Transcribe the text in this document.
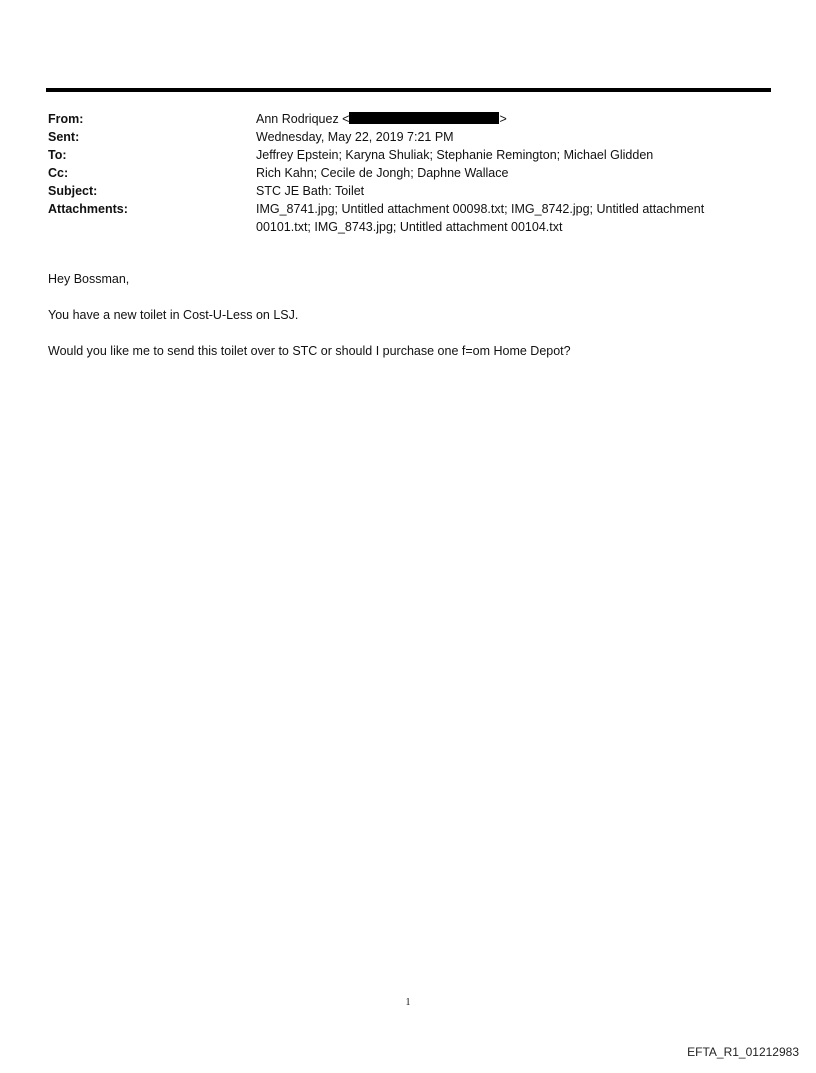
From:	Ann Rodriquez <	>
Sent:	Wednesday, May 22, 2019 7:21 PM
To:	Jeffrey Epstein; Karyna Shuliak; Stephanie Remington; Michael Glidden
Cc:	Rich Kahn; Cecile de Jongh; Daphne Wallace
Subject:	STC JE Bath: Toilet
Attachments:	IMG_8741.jpg; Untitled attachment 00098.txt; IMG_8742.jpg; Untitled attachment
00101.txt; IMG_8743.jpg; Untitled attachment 00104.txt

Hey Bossman,

You have a new toilet in Cost-U-Less on LSJ.

Would you like me to send this toilet over to STC or should I purchase one f=om Home Depot?

1
EFTA_R1_01212983
